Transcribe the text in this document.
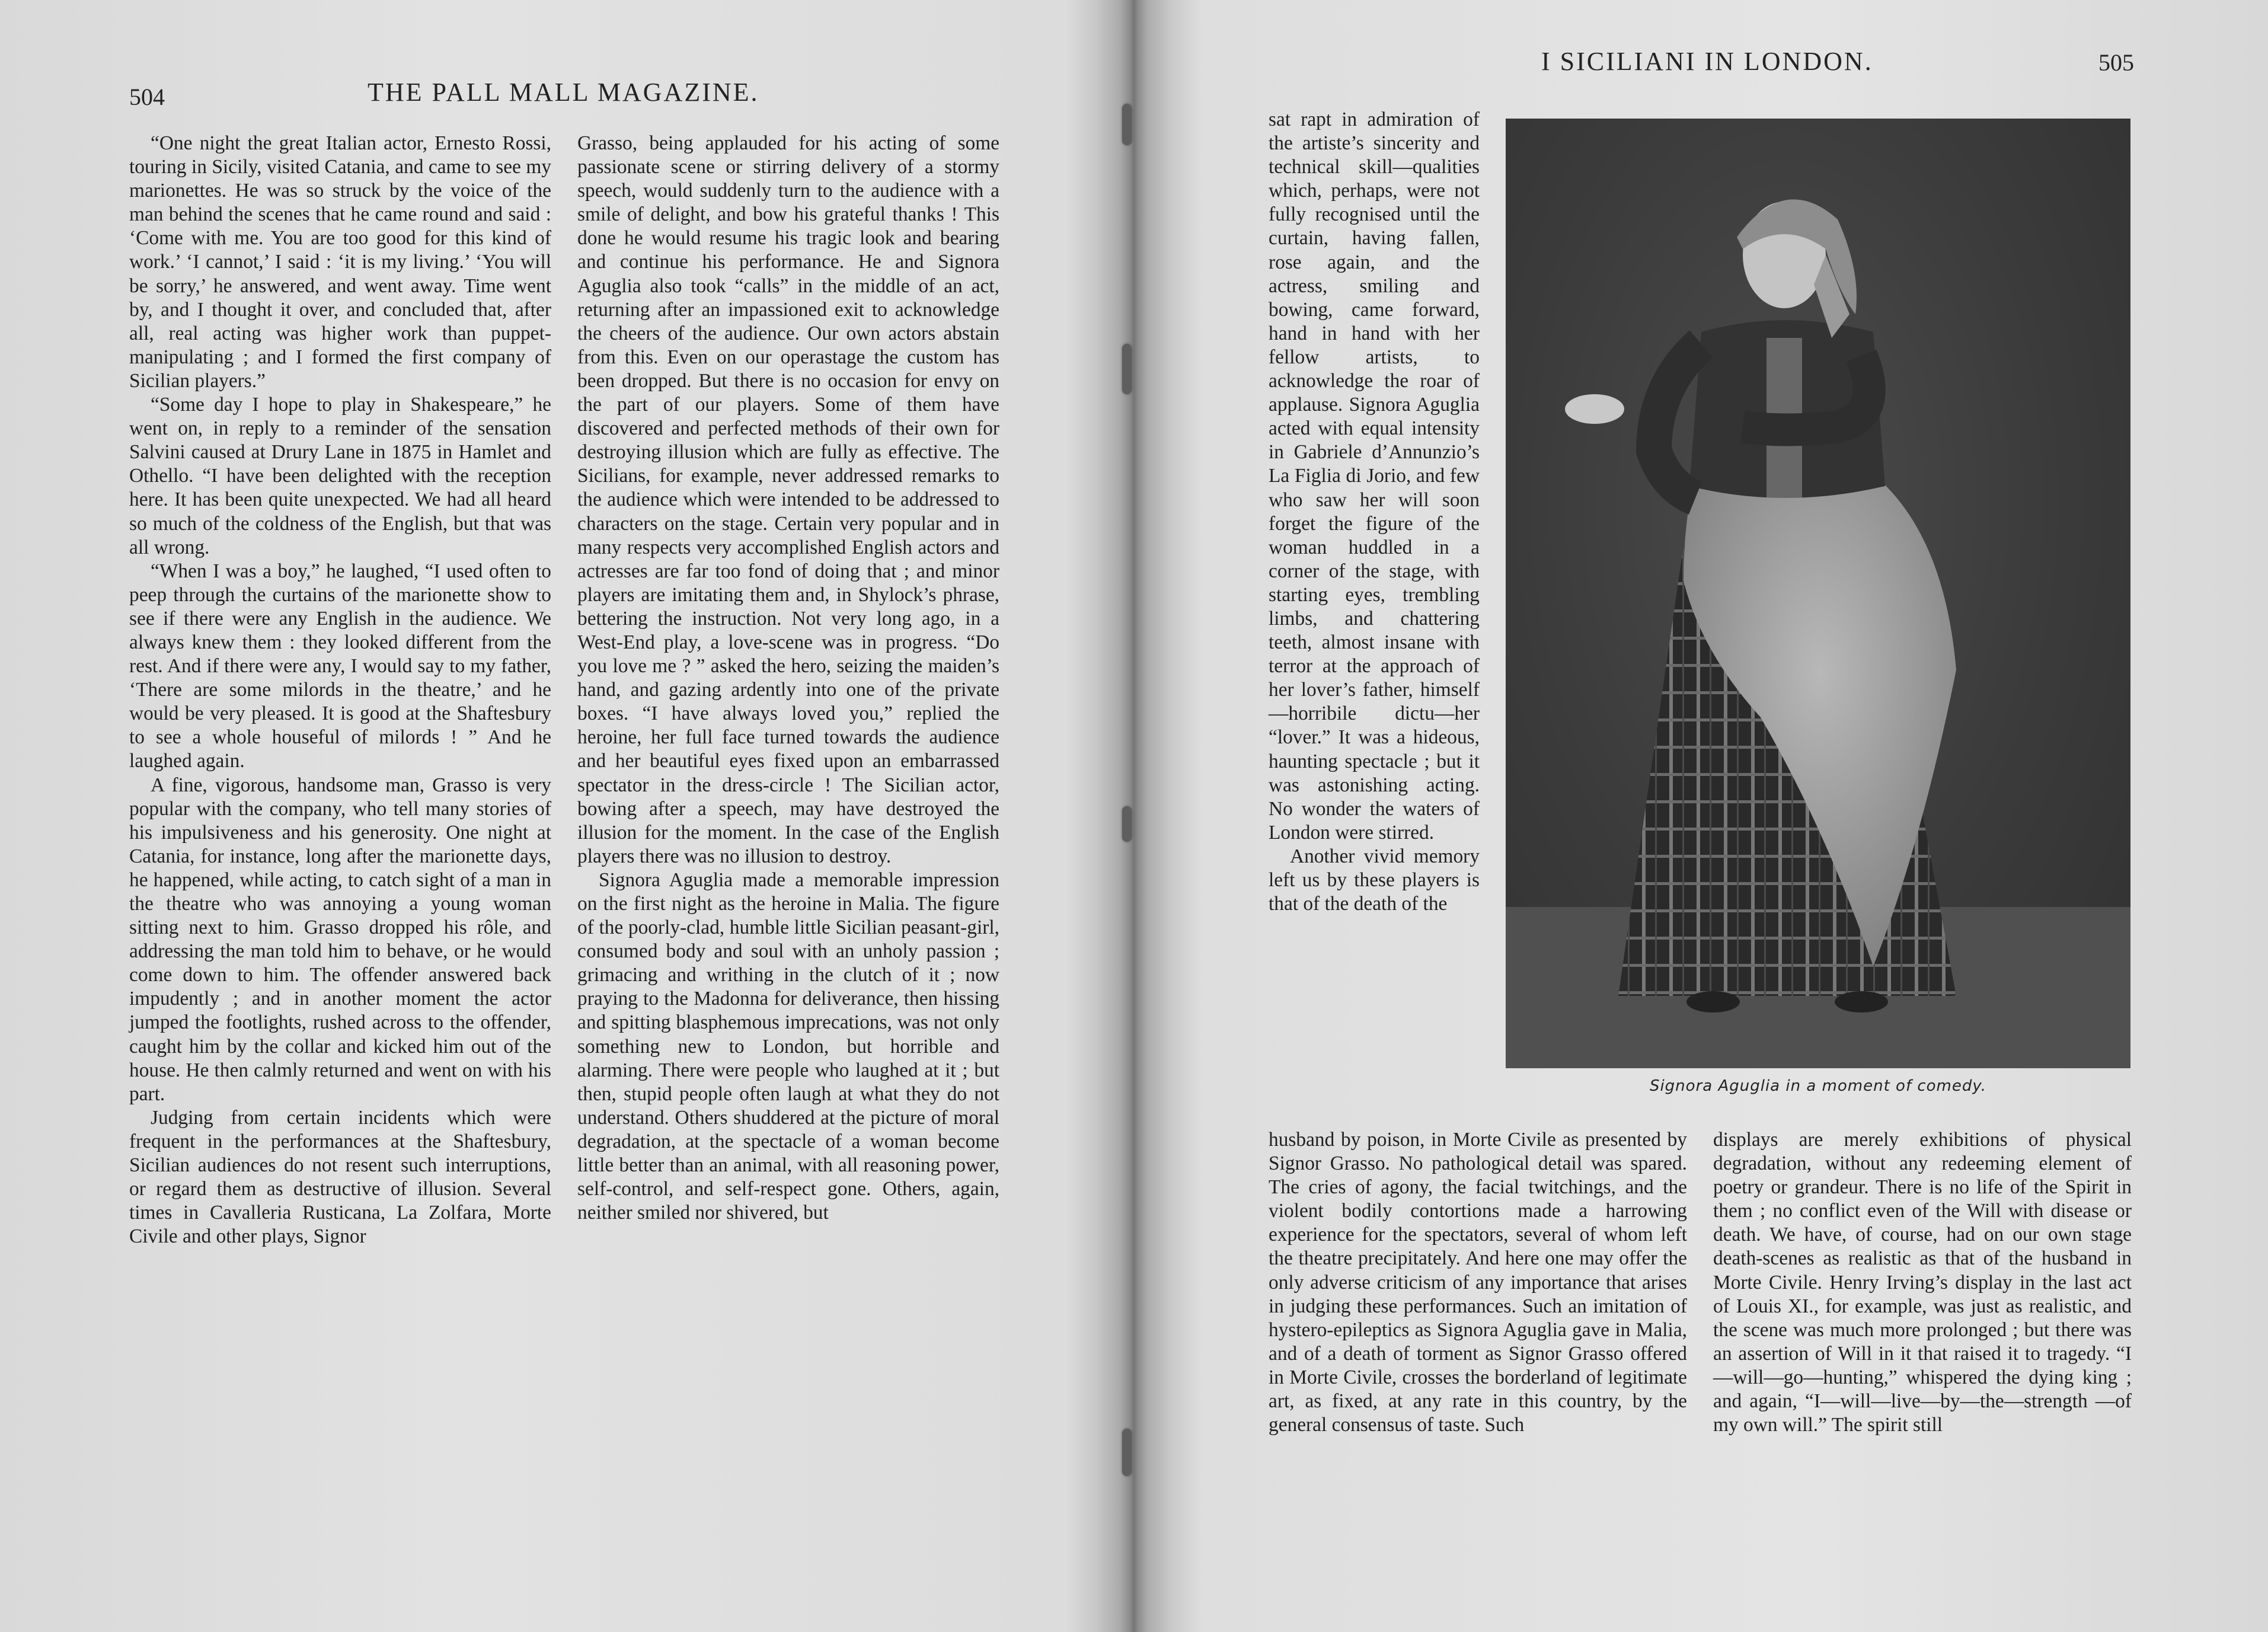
504	THE PALL MALL MAGAZINE.

“One night the great Italian actor, Ernesto Rossi, touring in Sicily, visited Catania, and came to see my marionettes. He was so struck by the voice of the man behind the scenes that he came round and said : ‘Come with me. You are too good for this kind of work.’ ‘I cannot,’ I said : ‘it is my living.’ ‘You will be sorry,’ he answered, and went away. Time went by, and I thought it over, and concluded that, after all, real acting was higher work than puppet-manipulating ; and I formed the first company of Sicilian players.”

“Some day I hope to play in Shakespeare,” he went on, in reply to a reminder of the sensation Salvini caused at Drury Lane in 1875 in Hamlet and Othello. “I have been delighted with the reception here. It has been quite unexpected. We had all heard so much of the coldness of the English, but that was all wrong.

“When I was a boy,” he laughed, “I used often to peep through the curtains of the marionette show to see if there were any English in the audience. We always knew them : they looked different from the rest. And if there were any, I would say to my father, ‘There are some milords in the theatre,’ and he would be very pleased. It is good at the Shaftesbury to see a whole houseful of milords ! ” And he laughed again.

A fine, vigorous, handsome man, Grasso is very popular with the company, who tell many stories of his impulsiveness and his generosity. One night at Catania, for instance, long after the marionette days, he happened, while acting, to catch sight of a man in the theatre who was annoying a young woman sitting next to him. Grasso dropped his rôle, and addressing the man told him to behave, or he would come down to him. The offender answered back impudently ; and in another moment the actor jumped the footlights, rushed across to the offender, caught him by the collar and kicked him out of the house. He then calmly returned and went on with his part.

Judging from certain incidents which were frequent in the performances at the Shaftesbury, Sicilian audiences do not resent such interruptions, or regard them as destructive of illusion. Several times in Cavalleria Rusticana, La Zolfara, Morte Civile and other plays, Signor

Grasso, being applauded for his acting of some passionate scene or stirring delivery of a stormy speech, would suddenly turn to the audience with a smile of delight, and bow his grateful thanks ! This done he would resume his tragic look and bearing and continue his performance. He and Signora Aguglia also took “calls” in the middle of an act, returning after an impassioned exit to acknowledge the cheers of the audience. Our own actors abstain from this. Even on our operastage the custom has been dropped. But there is no occasion for envy on the part of our players. Some of them have discovered and perfected methods of their own for destroying illusion which are fully as effective. The Sicilians, for example, never addressed remarks to the audience which were intended to be addressed to characters on the stage. Certain very popular and in many respects very accomplished English actors and actresses are far too fond of doing that ; and minor players are imitating them and, in Shylock’s phrase, bettering the instruction. Not very long ago, in a West-End play, a love-scene was in progress. “Do you love me ? ” asked the hero, seizing the maiden’s hand, and gazing ardently into one of the private boxes. “I have always loved you,” replied the heroine, her full face turned towards the audience and her beautiful eyes fixed upon an embarrassed spectator in the dress-circle ! The Sicilian actor, bowing after a speech, may have destroyed the illusion for the moment. In the case of the English players there was no illusion to destroy.

Signora Aguglia made a memorable impression on the first night as the heroine in Malia. The figure of the poorly-clad, humble little Sicilian peasant-girl, consumed body and soul with an unholy passion ; grimacing and writhing in the clutch of it ; now praying to the Madonna for deliverance, then hissing and spitting blasphemous imprecations, was not only something new to London, but horrible and alarming. There were people who laughed at it ; but then, stupid people often laugh at what they do not understand. Others shuddered at the picture of moral degradation, at the spectacle of a woman become little better than an animal, with all reasoning power, self-control, and self-respect gone. Others, again, neither smiled nor shivered, but

I SICILIANI IN LONDON.	505

sat rapt in admiration of the artiste’s sincerity and technical skill—qualities which, perhaps, were not fully recognised until the curtain, having fallen, rose again, and the actress, smiling and bowing, came forward, hand in hand with her fellow artists, to acknowledge the roar of applause. Signora Aguglia acted with equal intensity in Gabriele d’Annunzio’s La Figlia di Jorio, and few who saw her will soon forget the figure of the woman huddled in a corner of the stage, with starting eyes, trembling limbs, and chattering teeth, almost insane with terror at the approach of her lover’s father, himself—horribile dictu—her “lover.” It was a hideous, haunting spectacle ; but it was astonishing acting. No wonder the waters of London were stirred.

Another vivid memory left us by these players is that of the death of the

husband by poison, in Morte Civile as presented by Signor Grasso. No pathological detail was spared. The cries of agony, the facial twitchings, and the violent bodily contortions made a harrowing experience for the spectators, several of whom left the theatre precipitately. And here one may offer the only adverse criticism of any importance that arises in judging these performances. Such an imitation of hystero-epileptics as Signora Aguglia gave in Malia, and of a death of torment as Signor Grasso offered in Morte Civile, crosses the borderland of legitimate art, as fixed, at any rate in this country, by the general consensus of taste. Such

displays are merely exhibitions of physical degradation, without any redeeming element of poetry or grandeur. There is no life of the Spirit in them ; no conflict even of the Will with disease or death. We have, of course, had on our own stage death-scenes as realistic as that of the husband in Morte Civile. Henry Irving’s display in the last act of Louis XI., for example, was just as realistic, and the scene was much more prolonged ; but there was an assertion of Will in it that raised it to tragedy. “I—will—go—hunting,” whispered the dying king ; and again, “I—will—live—by—the—strength —of my own will.” The spirit still

Signora Aguglia in a moment of comedy.
